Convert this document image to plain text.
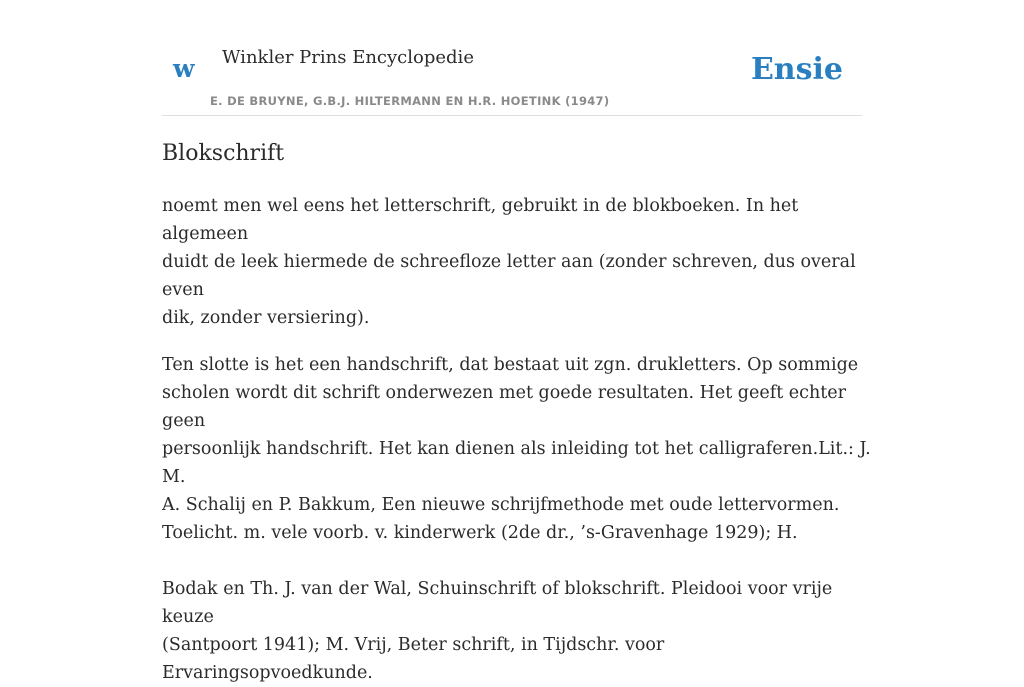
w Winkler Prins Encyclopedie
E. DE BRUYNE, G.B.J. HILTERMANN EN H.R. HOETINK (1947)
Ensie
Blokschrift

noemt men wel eens het letterschrift, gebruikt in de blokboeken. In het algemeen
duidt de leek hiermede de schreefloze letter aan (zonder schreven, dus overal even
dik, zonder versiering).

Ten slotte is het een handschrift, dat bestaat uit zgn. drukletters. Op sommige
scholen wordt dit schrift onderwezen met goede resultaten. Het geeft echter geen
persoonlijk handschrift. Het kan dienen als inleiding tot het calligraferen.Lit.: J. M.
A. Schalij en P. Bakkum, Een nieuwe schrijfmethode met oude lettervormen.
Toelicht. m. vele voorb. v. kinderwerk (2de dr., ’s-Gravenhage 1929); H.

Bodak en Th. J. van der Wal, Schuinschrift of blokschrift. Pleidooi voor vrije keuze
(Santpoort 1941); M. Vrij, Beter schrift, in Tijdschr. voor Ervaringsopvoedkunde.
